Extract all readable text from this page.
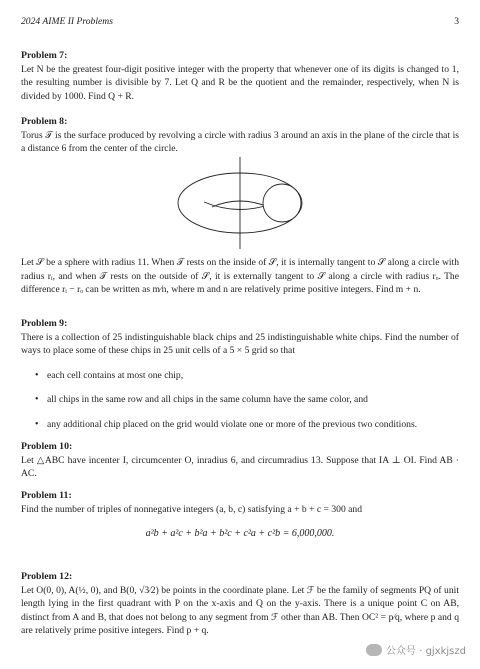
2024 AIME II Problems	3
Problem 7:
Let N be the greatest four-digit positive integer with the property that whenever one of its digits is changed to 1, the resulting number is divisible by 7. Let Q and R be the quotient and the remainder, respectively, when N is divided by 1000. Find Q + R.
Problem 8:
Torus 𝒯 is the surface produced by revolving a circle with radius 3 around an axis in the plane of the circle that is a distance 6 from the center of the circle.
Let 𝒮 be a sphere with radius 11. When 𝒯 rests on the inside of 𝒮, it is internally tangent to 𝒮 along a circle with radius rᵢ, and when 𝒯 rests on the outside of 𝒮, it is externally tangent to 𝒮 along a circle with radius rₒ. The difference rᵢ − rₒ can be written as m⁄n, where m and n are relatively prime positive integers. Find m + n.
Problem 9:
There is a collection of 25 indistinguishable black chips and 25 indistinguishable white chips. Find the number of ways to place some of these chips in 25 unit cells of a 5 × 5 grid so that
• each cell contains at most one chip,
• all chips in the same row and all chips in the same column have the same color, and
• any additional chip placed on the grid would violate one or more of the previous two conditions.
Problem 10:
Let △ABC have incenter I, circumcenter O, inradius 6, and circumradius 13. Suppose that IA ⊥ OI. Find AB · AC.
Problem 11:
Find the number of triples of nonnegative integers (a, b, c) satisfying a + b + c = 300 and
a²b + a²c + b²a + b²c + c²a + c²b = 6,000,000.
Problem 12:
Let O(0, 0), A(½, 0), and B(0, √3⁄2) be points in the coordinate plane. Let ℱ be the family of segments PQ of unit length lying in the first quadrant with P on the x-axis and Q on the y-axis. There is a unique point C on AB, distinct from A and B, that does not belong to any segment from ℱ other than AB. Then OC² = p⁄q, where p and q are relatively prime positive integers. Find p + q.
公众号 · gjxkjszd
